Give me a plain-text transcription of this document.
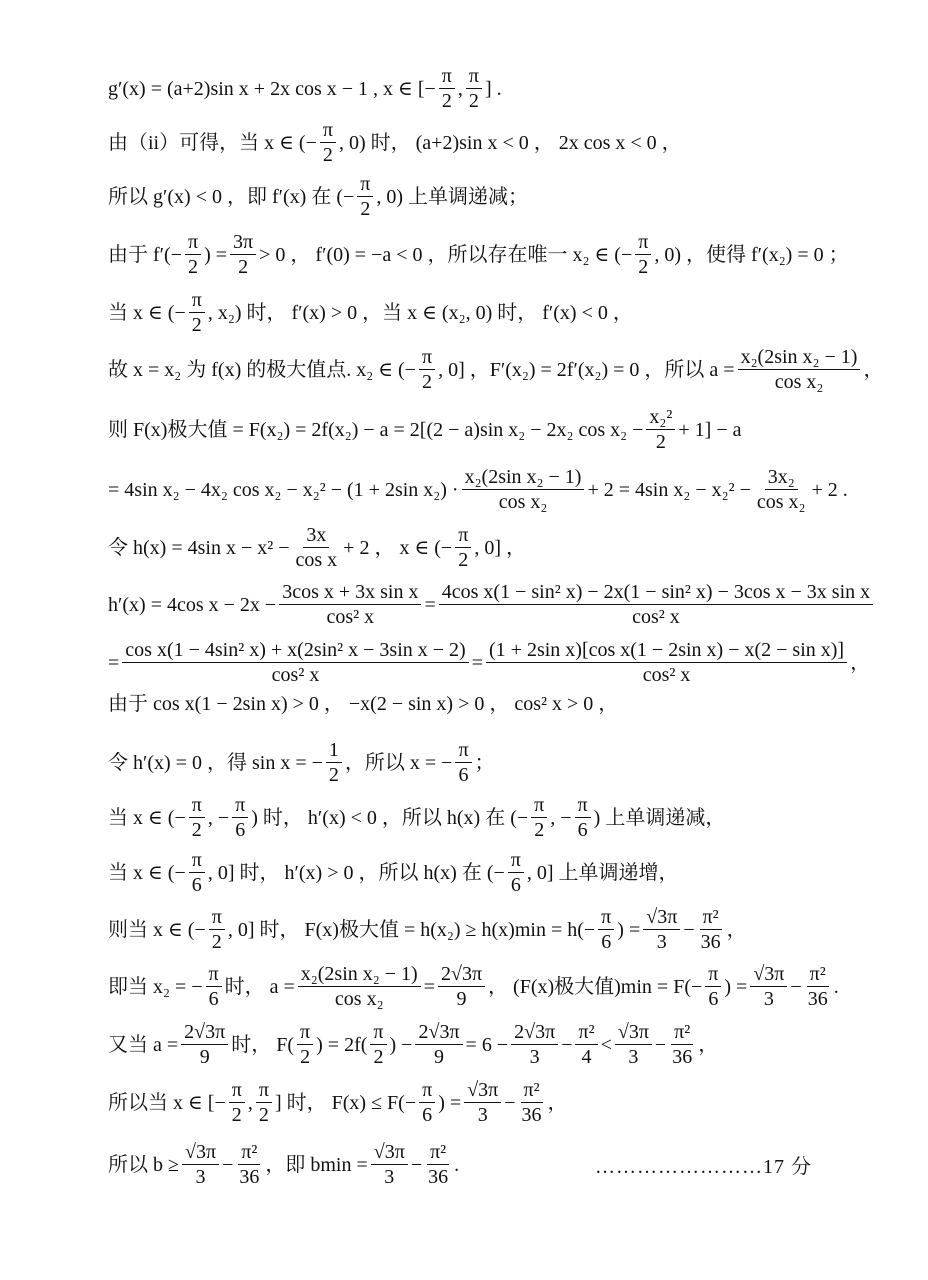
g′(x) = (a+2)sin x + 2x cos x − 1 , x ∈ [− $\frac{\pi}{2}$ , $\frac{\pi}{2}$ ] .
由（ii）可得，当 x ∈ (− $\frac{\pi}{2}$ , 0) 时， (a+2)sin x < 0 ， 2x cos x < 0 ，
所以 g′(x) < 0 ，即 f′(x) 在 (− $\frac{\pi}{2}$ , 0) 上单调递减；
由于 $f'(- \frac{\pi}{2}$ ) = $\frac{3\pi}{2} > 0$ ， f′(0) = −a < 0 ，所以存在唯一 x₂ ∈ (− $\frac{\pi}{2}$ , 0) ，使得 f′(x₂) = 0 ；
当 x ∈ (− $\frac{\pi}{2}$ , x₂) 时， f′(x) > 0 ，当 x ∈ (x₂, 0) 时， f′(x) < 0 ，
故 x = x₂ 为 f(x) 的极大值点. x₂ ∈ (− $\frac{\pi}{2}$ , 0] ，F′(x₂) = 2f′(x₂) = 0 ，所以 $a = \frac{\text{x₂(2sin x₂ − 1)}}{\text{cos x₂}}$ ，
则 F(x)极大值 = F(x₂) = 2f(x₂) − a = 2[(2 − a)sin x₂ − 2x₂ $\cos x_2 - \frac{\text{x₂²}}{2} + 1] - a$
= 4sin x₂ − 4x₂ cos x₂ − x₂² − (1 + 2sin $x_2) \cdot \frac{\text{x₂(2sin x₂ − 1)}}{\text{cos x₂}} + 2 = 4\sin$ $x_2 - x_2^2 - \frac{\text{3x₂}}{\text{cos x₂}} + 2$ .
令 h(x) = 4sin $x - x^2 - \frac{3x}{\text{cos x}} + 2$ ， x ∈ (− $\frac{\pi}{2}$ , 0] ，
h′(x) = 4cos $x - 2x - \frac{\text{3cos x + 3x sin x}}{\text{cos² x}} = \frac{\text{4cos x(1 − sin² x) − 2x(1 − sin² x) − 3cos x − 3x sin x}}{\text{cos² x}}$
= $\frac{\text{cos x(1 − 4sin² x) + x(2sin² x − 3sin x − 2)}}{\text{cos² x}} = \frac{\text{(1 + 2sin x)[cos x(1 − 2sin x) − x(2 − sin x)]}}{\text{cos² x}}$ ，
由于 cos x(1 − 2sin x) > 0 ， −x(2 − sin x) > 0 ， cos² x > 0 ，
令 h′(x) = 0 ，得 sin x = − $\frac{1}{2}$ ，所以 x = − $\frac{\pi}{6}$ ；
当 x ∈ (− $\frac{\pi}{2}$ , − $\frac{\pi}{6}$ ) 时， h′(x) < 0 ，所以 h(x) 在 (− $\frac{\pi}{2}$ , − $\frac{\pi}{6}$ ) 上单调递减，
当 x ∈ (− $\frac{\pi}{6}$ , 0] 时， h′(x) > 0 ，所以 h(x) 在 (− $\frac{\pi}{6}$ , 0] 上单调递增，
则当 x ∈ (− $\frac{\pi}{2}$ , 0] 时， F(x)极大值 = $h(x_2) \ge h(x)\min = h(- \frac{\pi}{6}$ ) = $\frac{√3\pi}{3} - \frac{\text{π²}}{36}$ ，
即当 x₂ = − $\frac{\pi}{6}$ 时， $a = \frac{\text{x₂(2sin x₂ − 1)}}{\text{cos x₂}} = \frac{2√3\pi}{9}$ ， (F(x)极大值)$\min = F(- \frac{\pi}{6}$ ) = $\frac{√3\pi}{3} - \frac{\text{π²}}{36}$ .
又当 $a = \frac{2√3\pi}{9}$ 时， $F( \frac{\pi}{2}$ ) = $2f( \frac{\pi}{2}$ ) − $\frac{2√3\pi}{9} = 6 - \frac{2√3\pi}{3} - \frac{\text{π²}}{4} < \frac{√3\pi}{3} - \frac{\text{π²}}{36}$ ，
所以当 x ∈ [− $\frac{\pi}{2}$ , $\frac{\pi}{2}$ ] 时， $F(x) \le F(- \frac{\pi}{6}$ ) = $\frac{√3\pi}{3} - \frac{\text{π²}}{36}$ ，
所以 $b \ge \frac{√3\pi}{3} - \frac{\text{π²}}{36}$ ，即 $bmin = \frac{√3\pi}{3} - \frac{\text{π²}}{36}$ .	……………………17 分
